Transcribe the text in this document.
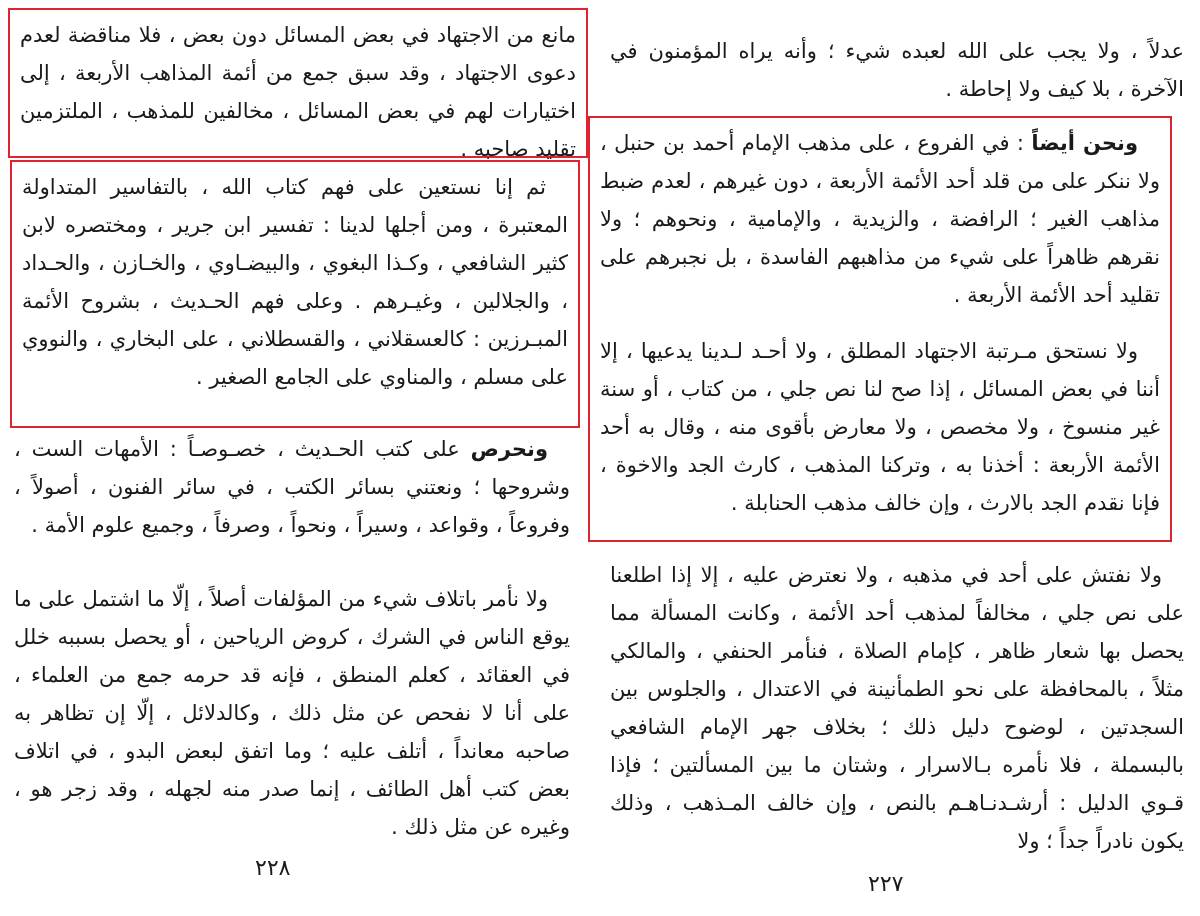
مانع من الاجتهاد في بعض المسائل دون بعض ، فلا مناقضة لعدم دعوى الاجتهاد ، وقد سبق جمع من أئمة المذاهب الأربعة ، إلى اختيارات لهم في بعض المسائل ، مخالفين للمذهب ، الملتزمين تقليد صاحبه .

ثم إنا نستعين على فهم كتاب الله ، بالتفاسير المتداولة المعتبرة ، ومن أجلها لدينا : تفسير ابن جرير ، ومختصره لابن كثير الشافعي ، وكـذا البغوي ، والبيضـاوي ، والخـازن ، والحـداد ، والجلالين ، وغيـرهم . وعلى فهم الحـديث ، بشروح الأئمة المبـرزين : كالعسقلاني ، والقسطلاني ، على البخاري ، والنووي على مسلم ، والمناوي على الجامع الصغير .

ونحرص على كتب الحـديث ، خصـوصـاً : الأمهات الست ، وشروحها ؛ ونعتني بسائر الكتب ، في سائر الفنون ، أصولاً ، وفروعاً ، وقواعد ، وسيراً ، ونحواً ، وصرفاً ، وجميع علوم الأمة .

ولا نأمر باتلاف شيء من المؤلفات أصلاً ، إلّا ما اشتمل على ما يوقع الناس في الشرك ، كروض الرياحين ، أو يحصل بسببه خلل في العقائد ، كعلم المنطق ، فإنه قد حرمه جمع من العلماء ، على أنا لا نفحص عن مثل ذلك ، وكالدلائل ، إلّا إن تظاهر به صاحبه معانداً ، أتلف عليه ؛ وما اتفق لبعض البدو ، في اتلاف بعض كتب أهل الطائف ، إنما صدر منه لجهله ، وقد زجر هو ، وغيره عن مثل ذلك .

٢٢٨

عدلاً ، ولا يجب على الله لعبده شيء ؛ وأنه يراه المؤمنون في الآخرة ، بلا كيف ولا إحاطة .

ونحن أيضاً : في الفروع ، على مذهب الإمام أحمد بن حنبل ، ولا ننكر على من قلد أحد الأئمة الأربعة ، دون غيرهم ، لعدم ضبط مذاهب الغير ؛ الرافضة ، والزيدية ، والإمامية ، ونحوهم ؛ ولا نقرهم ظاهراً على شيء من مذاهبهم الفاسدة ، بل نجبرهم على تقليد أحد الأئمة الأربعة .

ولا نستحق مـرتبة الاجتهاد المطلق ، ولا أحـد لـدينا يدعيها ، إلا أننا في بعض المسائل ، إذا صح لنا نص جلي ، من كتاب ، أو سنة غير منسوخ ، ولا مخصص ، ولا معارض بأقوى منه ، وقال به أحد الأئمة الأربعة : أخذنا به ، وتركنا المذهب ، كارث الجد والاخوة ، فإنا نقدم الجد بالارث ، وإن خالف مذهب الحنابلة .

ولا نفتش على أحد في مذهبه ، ولا نعترض عليه ، إلا إذا اطلعنا على نص جلي ، مخالفاً لمذهب أحد الأئمة ، وكانت المسألة مما يحصل بها شعار ظاهر ، كإمام الصلاة ، فنأمر الحنفي ، والمالكي مثلاً ، بالمحافظة على نحو الطمأنينة في الاعتدال ، والجلوس بين السجدتين ، لوضوح دليل ذلك ؛ بخلاف جهر الإمام الشافعي بالبسملة ، فلا نأمره بـالاسرار ، وشتان ما بين المسألتين ؛ فإذا قـوي الدليل : أرشـدنـاهـم بالنص ، وإن خالف المـذهب ، وذلك يكون نادراً جداً ؛ ولا

٢٢٧
